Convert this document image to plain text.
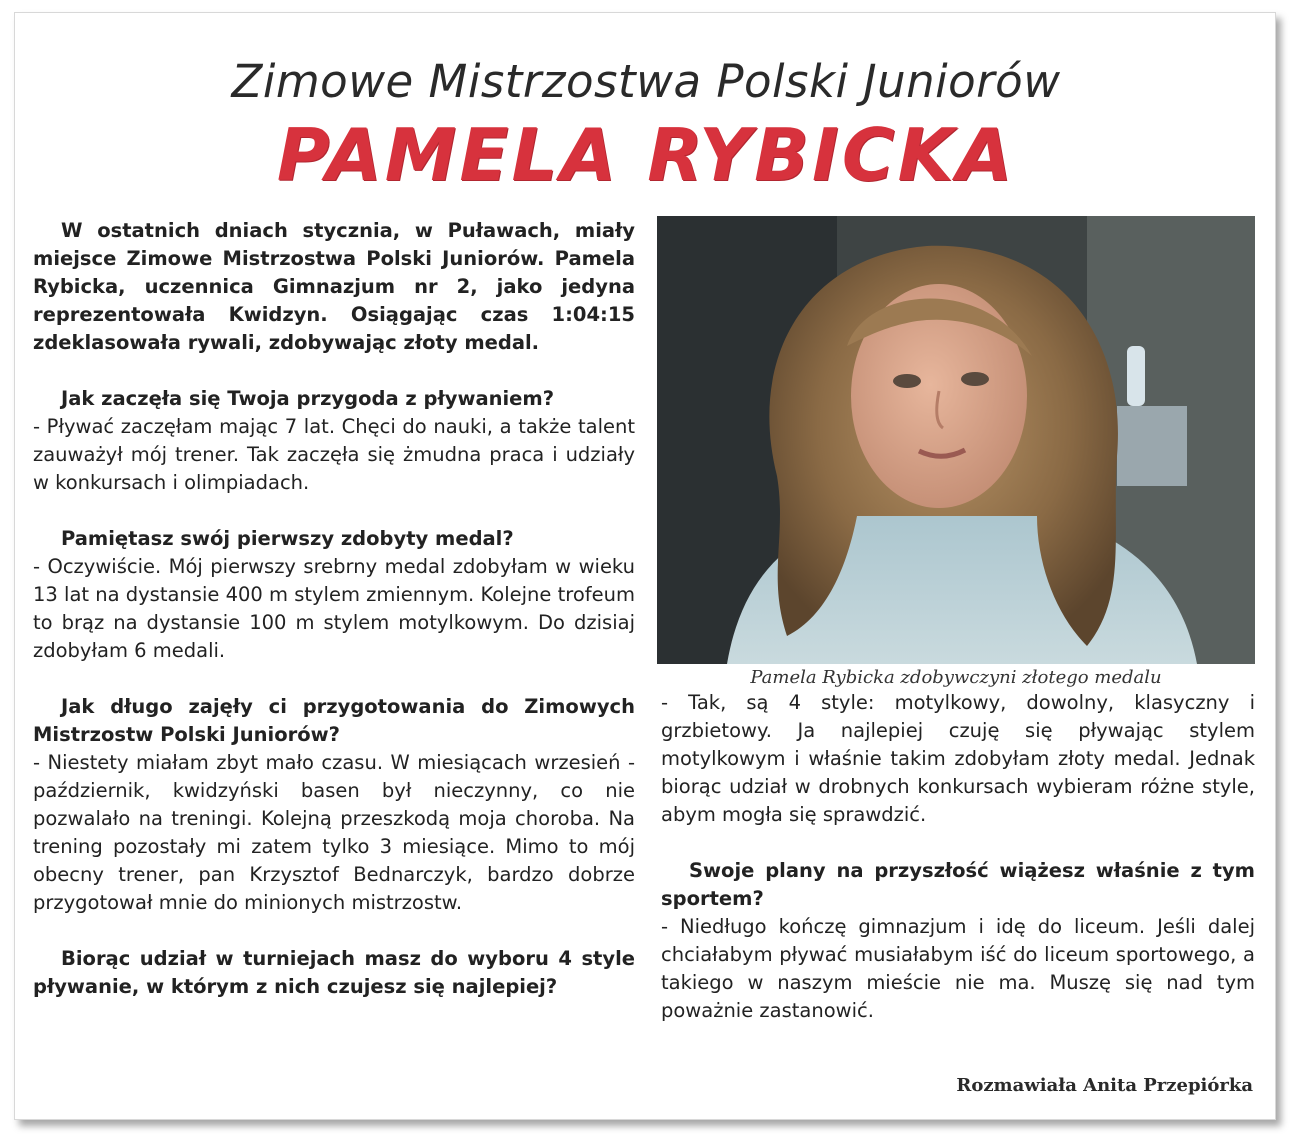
Zimowe Mistrzostwa Polski Juniorów
PAMELA RYBICKA

W ostatnich dniach stycznia, w Puławach, miały miejsce Zimowe Mistrzostwa Polski Juniorów. Pamela Rybicka, uczennica Gimnazjum nr 2, jako jedyna reprezentowała Kwidzyn. Osiągając czas 1:04:15 zdeklasowała rywali, zdobywając złoty medal.

Jak zaczęła się Twoja przygoda z pływaniem?

- Pływać zaczęłam mając 7 lat. Chęci do nauki, a także talent zauważył mój trener. Tak zaczęła się żmudna praca i udziały w konkursach i olimpiadach.

Pamiętasz swój pierwszy zdobyty medal?

- Oczywiście. Mój pierwszy srebrny medal zdobyłam w wieku 13 lat na dystansie 400 m stylem zmiennym. Kolejne trofeum to brąz na dystansie 100 m stylem motylkowym. Do dzisiaj zdobyłam 6 medali.

Jak długo zajęły ci przygotowania do Zimowych Mistrzostw Polski Juniorów?

- Niestety miałam zbyt mało czasu. W miesiącach wrzesień - październik, kwidzyński basen był nieczynny, co nie pozwalało na treningi. Kolejną przeszkodą moja choroba. Na trening pozostały mi zatem tylko 3 miesiące. Mimo to mój obecny trener, pan Krzysztof Bednarczyk, bardzo dobrze przygotował mnie do minionych mistrzostw.

Biorąc udział w turniejach masz do wyboru 4 style pływanie, w którym z nich czujesz się najlepiej?

Pamela Rybicka zdobywczyni złotego medalu

- Tak, są 4 style: motylkowy, dowolny, klasyczny i grzbietowy. Ja najlepiej czuję się pływając stylem motylkowym i właśnie takim zdobyłam złoty medal. Jednak biorąc udział w drobnych konkursach wybieram różne style, abym mogła się sprawdzić.

Swoje plany na przyszłość wiążesz właśnie z tym sportem?

- Niedługo kończę gimnazjum i idę do liceum. Jeśli dalej chciałabym pływać musiałabym iść do liceum sportowego, a takiego w naszym mieście nie ma. Muszę się nad tym poważnie zastanowić.

Rozmawiała Anita Przepiórka
